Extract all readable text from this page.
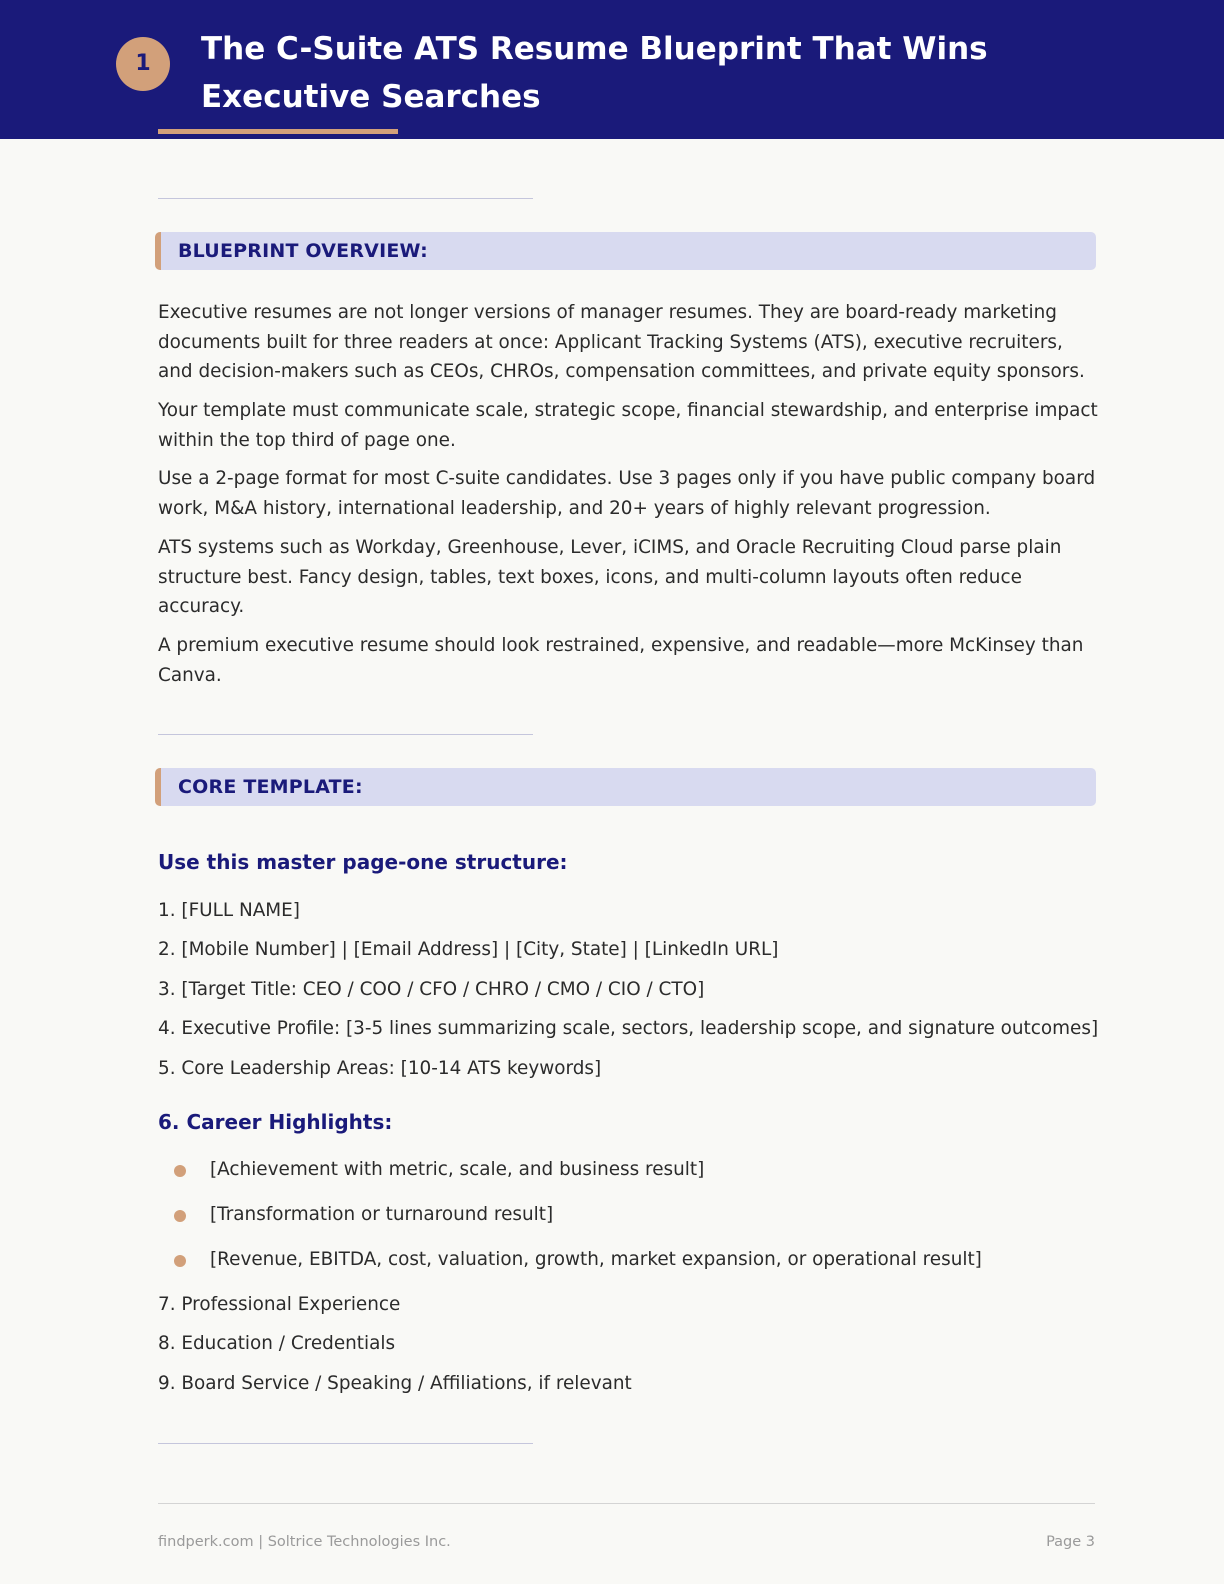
1	The C-Suite ATS Resume Blueprint That Wins Executive Searches
BLUEPRINT OVERVIEW:

Executive resumes are not longer versions of manager resumes. They are board-ready marketing documents built for three readers at once: Applicant Tracking Systems (ATS), executive recruiters, and decision-makers such as CEOs, CHROs, compensation committees, and private equity sponsors.

Your template must communicate scale, strategic scope, financial stewardship, and enterprise impact within the top third of page one.

Use a 2-page format for most C-suite candidates. Use 3 pages only if you have public company board work, M&A history, international leadership, and 20+ years of highly relevant progression.

ATS systems such as Workday, Greenhouse, Lever, iCIMS, and Oracle Recruiting Cloud parse plain structure best. Fancy design, tables, text boxes, icons, and multi-column layouts often reduce accuracy.

A premium executive resume should look restrained, expensive, and readable—more McKinsey than Canva.

CORE TEMPLATE:
Use this master page-one structure:
1. [FULL NAME]
2. [Mobile Number] | [Email Address] | [City, State] | [LinkedIn URL]
3. [Target Title: CEO / COO / CFO / CHRO / CMO / CIO / CTO]
4. Executive Profile: [3-5 lines summarizing scale, sectors, leadership scope, and signature outcomes]
5. Core Leadership Areas: [10-14 ATS keywords]
6. Career Highlights:
[Achievement with metric, scale, and business result]
[Transformation or turnaround result]
[Revenue, EBITDA, cost, valuation, growth, market expansion, or operational result]
7. Professional Experience
8. Education / Credentials
9. Board Service / Speaking / Affiliations, if relevant
findperk.com | Soltrice Technologies Inc.	Page 3
